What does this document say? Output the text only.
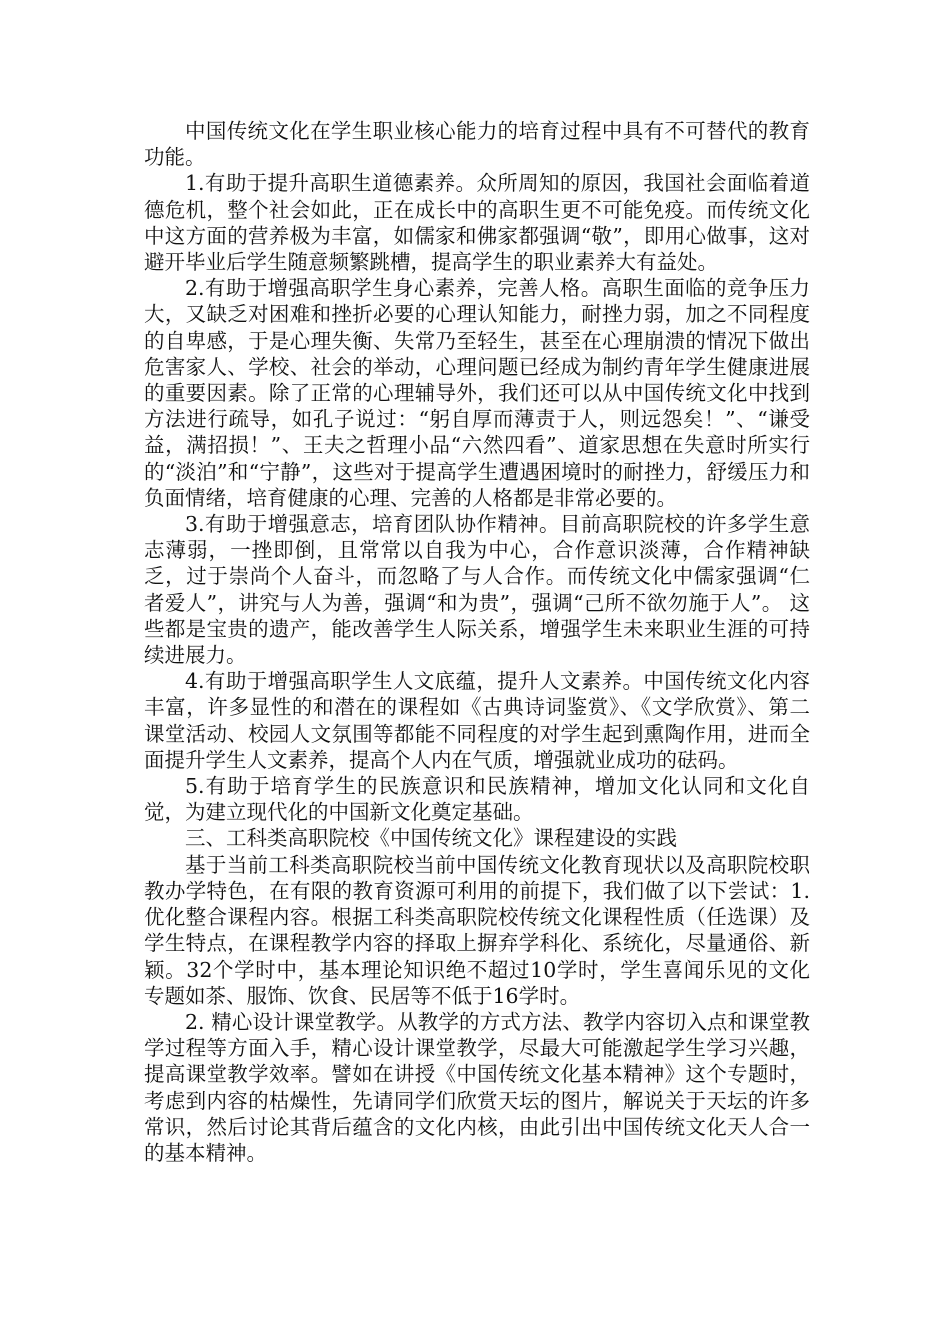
中国传统文化在学生职业核心能力的培育过程中具有不可替代的教育功能。

1.有助于提升高职生道德素养。众所周知的原因，我国社会面临着道德危机，整个社会如此，正在成长中的高职生更不可能免疫。而传统文化中这方面的营养极为丰富，如儒家和佛家都强调“敬”，即用心做事，这对避开毕业后学生随意频繁跳槽，提高学生的职业素养大有益处。

2.有助于增强高职学生身心素养，完善人格。高职生面临的竞争压力大，又缺乏对困难和挫折必要的心理认知能力，耐挫力弱，加之不同程度的自卑感，于是心理失衡、失常乃至轻生，甚至在心理崩溃的情况下做出危害家人、学校、社会的举动，心理问题已经成为制约青年学生健康进展的重要因素。除了正常的心理辅导外，我们还可以从中国传统文化中找到方法进行疏导，如孔子说过：“躬自厚而薄责于人，则远怨矣！”、“谦受益，满招损！”、王夫之哲理小品“六然四看”、道家思想在失意时所实行的“淡泊”和“宁静”，这些对于提高学生遭遇困境时的耐挫力，舒缓压力和负面情绪，培育健康的心理、完善的人格都是非常必要的。

3.有助于增强意志，培育团队协作精神。目前高职院校的许多学生意志薄弱，一挫即倒，且常常以自我为中心，合作意识淡薄，合作精神缺乏，过于崇尚个人奋斗，而忽略了与人合作。而传统文化中儒家强调“仁者爱人”，讲究与人为善，强调“和为贵”，强调“己所不欲勿施于人”。 这些都是宝贵的遗产，能改善学生人际关系，增强学生未来职业生涯的可持续进展力。

4.有助于增强高职学生人文底蕴，提升人文素养。中国传统文化内容丰富，许多显性的和潜在的课程如《古典诗词鉴赏》、《文学欣赏》、第二课堂活动、校园人文氛围等都能不同程度的对学生起到熏陶作用，进而全面提升学生人文素养，提高个人内在气质，增强就业成功的砝码。

5.有助于培育学生的民族意识和民族精神，增加文化认同和文化自觉，为建立现代化的中国新文化奠定基础。

三、工科类高职院校《中国传统文化》课程建设的实践

基于当前工科类高职院校当前中国传统文化教育现状以及高职院校职教办学特色，在有限的教育资源可利用的前提下，我们做了以下尝试：1. 优化整合课程内容。根据工科类高职院校传统文化课程性质（任选课）及学生特点，在课程教学内容的择取上摒弃学科化、系统化，尽量通俗、新颖。32个学时中，基本理论知识绝不超过10学时，学生喜闻乐见的文化专题如茶、服饰、饮食、民居等不低于16学时。

2. 精心设计课堂教学。从教学的方式方法、教学内容切入点和课堂教学过程等方面入手，精心设计课堂教学，尽最大可能激起学生学习兴趣，提高课堂教学效率。譬如在讲授《中国传统文化基本精神》这个专题时，考虑到内容的枯燥性，先请同学们欣赏天坛的图片，解说关于天坛的许多常识，然后讨论其背后蕴含的文化内核，由此引出中国传统文化天人合一的基本精神。
